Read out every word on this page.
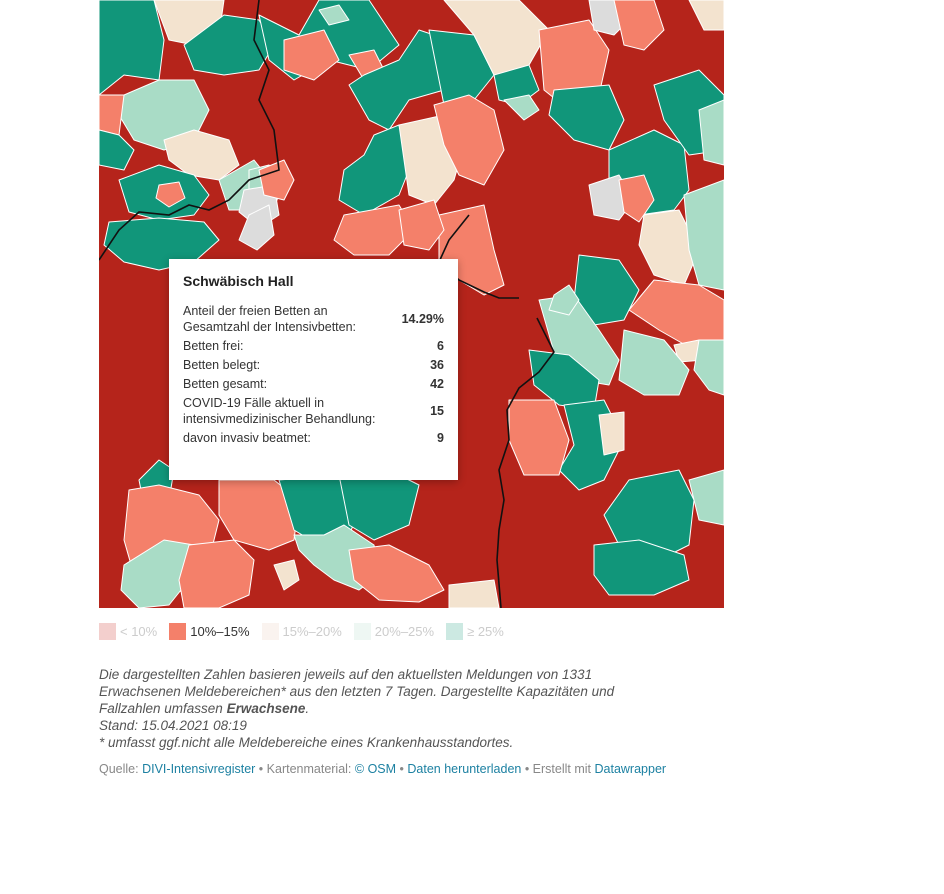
Schwäbisch Hall
Anteil der freien Betten an Gesamtzahl der Intensivbetten:
14.29%
Betten frei:	6
Betten belegt:	36
Betten gesamt:	42
COVID-19 Fälle aktuell in intensivmedizinischer Behandlung:
15
davon invasiv beatmet:	9
< 10%	10%–15%	15%–20%	20%–25%	≥ 25%
Die dargestellten Zahlen basieren jeweils auf den aktuellsten Meldungen von 1331
Erwachsenen Meldebereichen* aus den letzten 7 Tagen. Dargestellte Kapazitäten und
Fallzahlen umfassen Erwachsene.
Stand: 15.04.2021 08:19
* umfasst ggf.nicht alle Meldebereiche eines Krankenhausstandortes.
Quelle: DIVI-Intensivregister • Kartenmaterial: © OSM • Daten herunterladen • Erstellt mit Datawrapper
